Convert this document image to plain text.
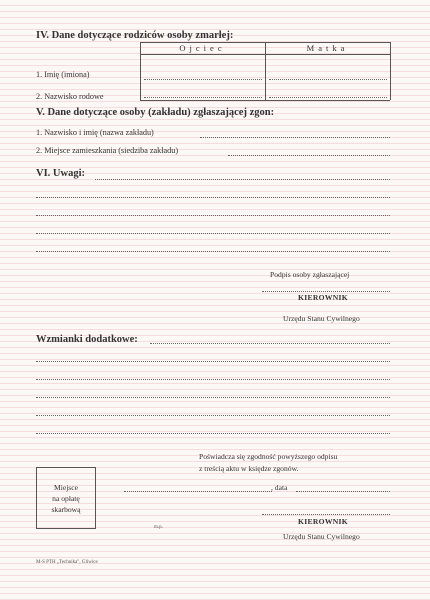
IV. Dane dotyczące rodziców osoby zmarłej:
Ojciec	Matka
1. Imię (imiona)
2. Nazwisko rodowe
V. Dane dotyczące osoby (zakładu) zgłaszającej zgon:
1. Nazwisko i imię (nazwa zakładu)
2. Miejsce zamieszkania (siedziba zakładu)
VI. Uwagi:
Podpis osoby zgłaszającej
KIEROWNIK
Urzędu Stanu Cywilnego
Wzmianki dodatkowe:
Poświadcza się zgodność powyższego odpisu
z treścią aktu w księdze zgonów.
Miejsce
na opłatę
skarbową
, data
KIEROWNIK
m.p.
Urzędu Stanu Cywilnego
M-S PTH „Technika", Gliwice
